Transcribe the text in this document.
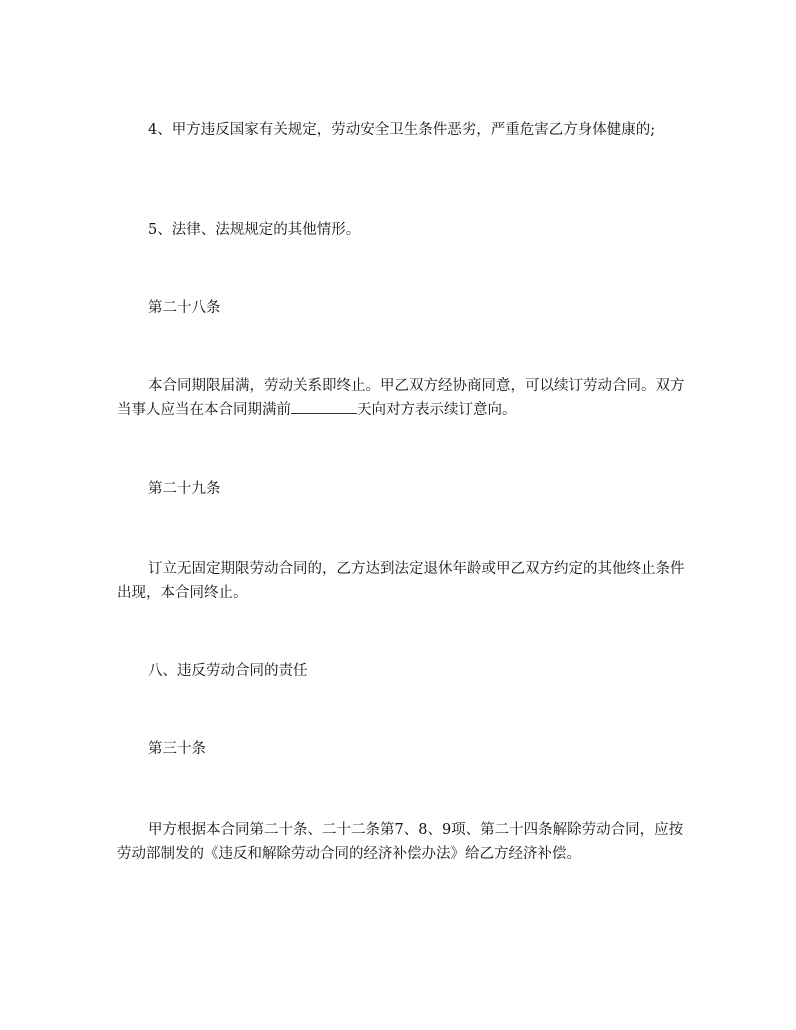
4、甲方违反国家有关规定，劳动安全卫生条件恶劣，严重危害乙方身体健康的;

5、法律、法规规定的其他情形。

第二十八条

本合同期限届满，劳动关系即终止。甲乙双方经协商同意，可以续订劳动合同。双方当事人应当在本合同期满前	天向对方表示续订意向。

第二十九条

订立无固定期限劳动合同的，乙方达到法定退休年龄或甲乙双方约定的其他终止条件出现，本合同终止。

八、违反劳动合同的责任

第三十条

甲方根据本合同第二十条、二十二条第7、8、9项、第二十四条解除劳动合同，应按劳动部制发的《违反和解除劳动合同的经济补偿办法》给乙方经济补偿。
